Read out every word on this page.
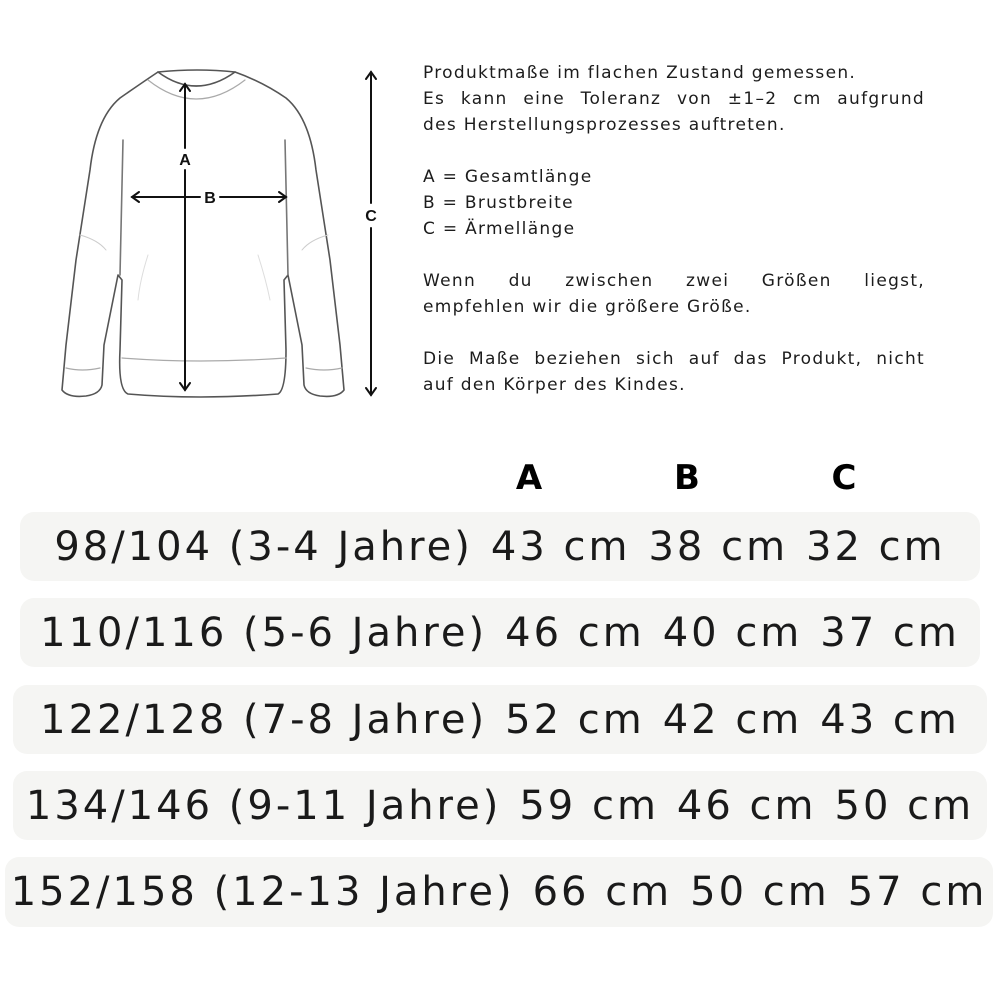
A
B
C

Produktmaße im flachen Zustand gemessen.
Es kann eine Toleranz von ±1–2 cm aufgrund
des Herstellungsprozesses auftreten.

A = Gesamtlänge
B = Brustbreite
C = Ärmellänge

Wenn du zwischen zwei Größen liegst,
empfehlen wir die größere Größe.

Die Maße beziehen sich auf das Produkt, nicht
auf den Körper des Kindes.

A	B	C
98/104 (3-4 Jahre) 43 cm 38 cm 32 cm
110/116 (5-6 Jahre) 46 cm 40 cm 37 cm
122/128 (7-8 Jahre) 52 cm 42 cm 43 cm
134/146 (9-11 Jahre) 59 cm 46 cm 50 cm
152/158 (12-13 Jahre) 66 cm 50 cm 57 cm
